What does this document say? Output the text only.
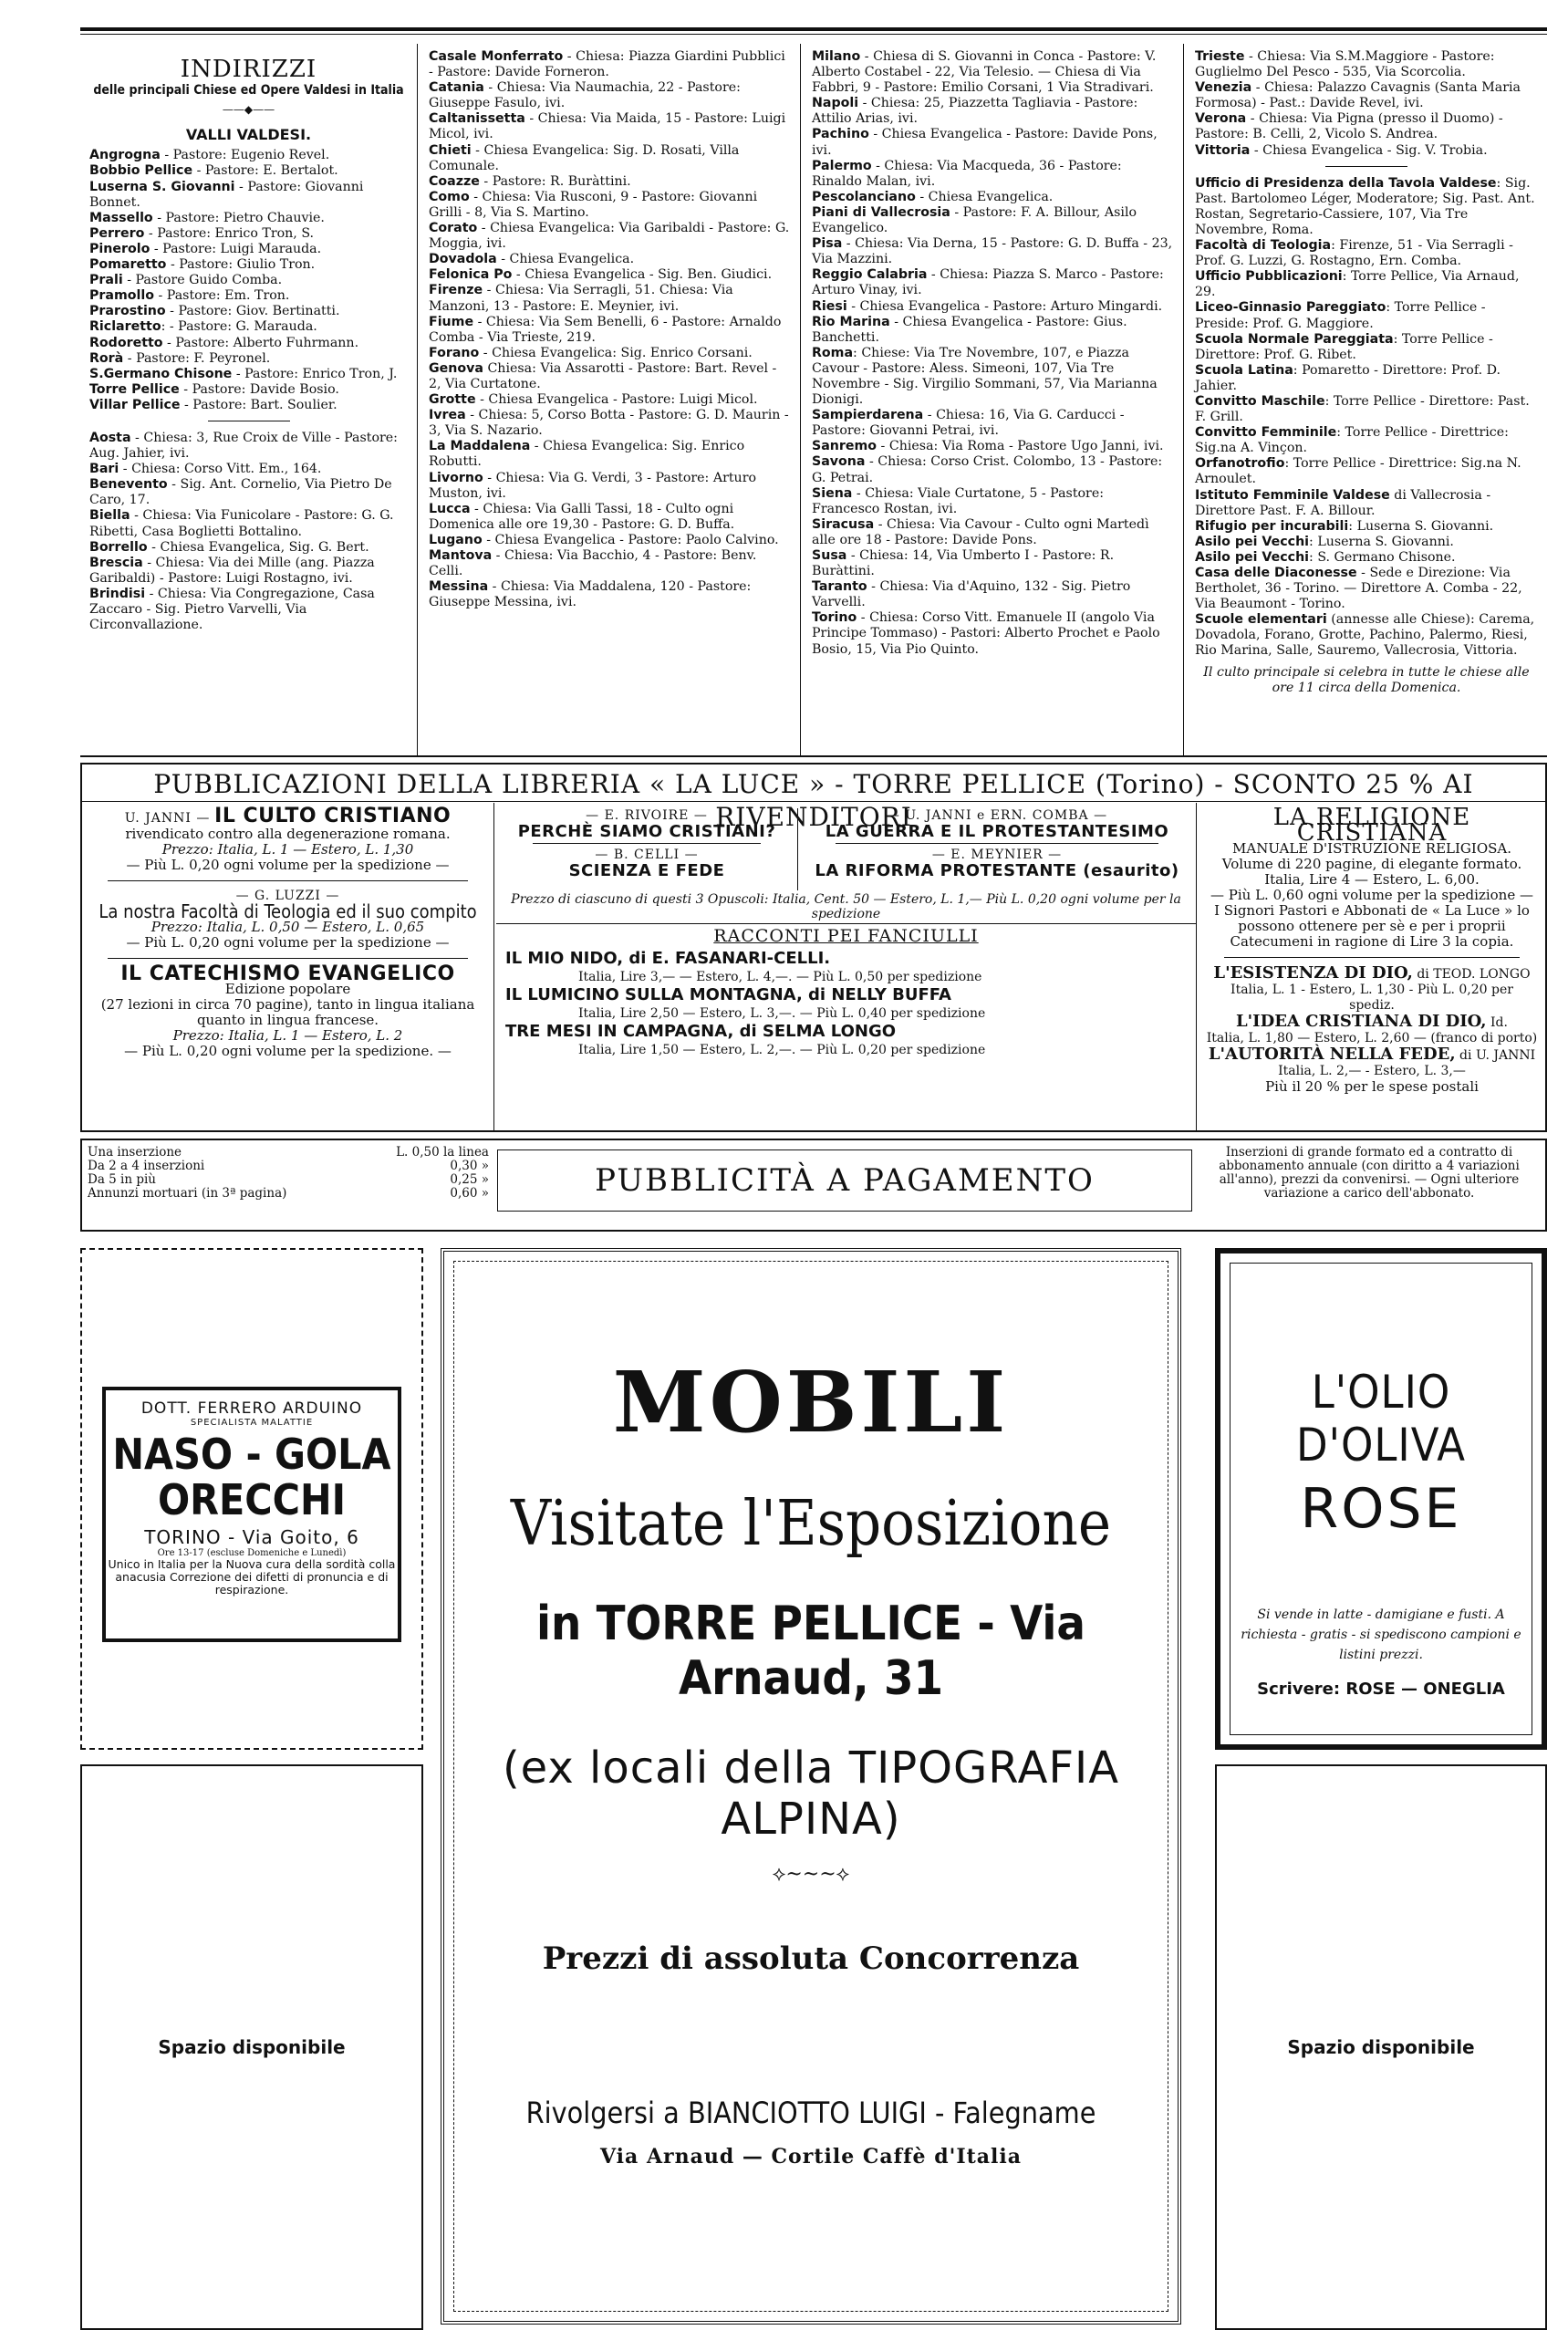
INDIRIZZI
delle principali Chiese ed Opere Valdesi in Italia
——◆——
VALLI VALDESI.

Angrogna - Pastore: Eugenio Revel.

Bobbio Pellice - Pastore: E. Bertalot.

Luserna S. Giovanni - Pastore: Giovanni Bonnet.

Massello - Pastore: Pietro Chauvie.

Perrero - Pastore: Enrico Tron, S.

Pinerolo - Pastore: Luigi Marauda.

Pomaretto - Pastore: Giulio Tron.

Prali - Pastore Guido Comba.

Pramollo - Pastore: Em. Tron.

Prarostino - Pastore: Giov. Bertinatti.

Riclaretto: - Pastore: G. Marauda.

Rodoretto - Pastore: Alberto Fuhrmann.

Rorà - Pastore: F. Peyronel.

S.Germano Chisone - Pastore: Enrico Tron, J.

Torre Pellice - Pastore: Davide Bosio.

Villar Pellice - Pastore: Bart. Soulier.

Aosta - Chiesa: 3, Rue Croix de Ville - Pastore: Aug. Jahier, ivi.

Bari - Chiesa: Corso Vitt. Em., 164.

Benevento - Sig. Ant. Cornelio, Via Pietro De Caro, 17.

Biella - Chiesa: Via Funicolare - Pastore: G. G. Ribetti, Casa Boglietti Bottalino.

Borrello - Chiesa Evangelica, Sig. G. Bert.

Brescia - Chiesa: Via dei Mille (ang. Piazza Garibaldi) - Pastore: Luigi Rostagno, ivi.

Brindisi - Chiesa: Via Congregazione, Casa Zaccaro - Sig. Pietro Varvelli, Via Circonvallazione.

Casale Monferrato - Chiesa: Piazza Giardini Pubblici - Pastore: Davide Forneron.

Catania - Chiesa: Via Naumachia, 22 - Pastore: Giuseppe Fasulo, ivi.

Caltanissetta - Chiesa: Via Maida, 15 - Pastore: Luigi Micol, ivi.

Chieti - Chiesa Evangelica: Sig. D. Rosati, Villa Comunale.

Coazze - Pastore: R. Buràttini.

Como - Chiesa: Via Rusconi, 9 - Pastore: Giovanni Grilli - 8, Via S. Martino.

Corato - Chiesa Evangelica: Via Garibaldi - Pastore: G. Moggia, ivi.

Dovadola - Chiesa Evangelica.

Felonica Po - Chiesa Evangelica - Sig. Ben. Giudici.

Firenze - Chiesa: Via Serragli, 51. Chiesa: Via Manzoni, 13 - Pastore: E. Meynier, ivi.

Fiume - Chiesa: Via Sem Benelli, 6 - Pastore: Arnaldo Comba - Via Trieste, 219.

Forano - Chiesa Evangelica: Sig. Enrico Corsani.

Genova Chiesa: Via Assarotti - Pastore: Bart. Revel - 2, Via Curtatone.

Grotte - Chiesa Evangelica - Pastore: Luigi Micol.

Ivrea - Chiesa: 5, Corso Botta - Pastore: G. D. Maurin - 3, Via S. Nazario.

La Maddalena - Chiesa Evangelica: Sig. Enrico Robutti.

Livorno - Chiesa: Via G. Verdi, 3 - Pastore: Arturo Muston, ivi.

Lucca - Chiesa: Via Galli Tassi, 18 - Culto ogni Domenica alle ore 19,30 - Pastore: G. D. Buffa.

Lugano - Chiesa Evangelica - Pastore: Paolo Calvino.

Mantova - Chiesa: Via Bacchio, 4 - Pastore: Benv. Celli.

Messina - Chiesa: Via Maddalena, 120 - Pastore: Giuseppe Messina, ivi.

Milano - Chiesa di S. Giovanni in Conca - Pastore: V. Alberto Costabel - 22, Via Telesio. — Chiesa di Via Fabbri, 9 - Pastore: Emilio Corsani, 1 Via Stradivari.

Napoli - Chiesa: 25, Piazzetta Tagliavia - Pastore: Attilio Arias, ivi.

Pachino - Chiesa Evangelica - Pastore: Davide Pons, ivi.

Palermo - Chiesa: Via Macqueda, 36 - Pastore: Rinaldo Malan, ivi.

Pescolanciano - Chiesa Evangelica.

Piani di Vallecrosia - Pastore: F. A. Billour, Asilo Evangelico.

Pisa - Chiesa: Via Derna, 15 - Pastore: G. D. Buffa - 23, Via Mazzini.

Reggio Calabria - Chiesa: Piazza S. Marco - Pastore: Arturo Vinay, ivi.

Riesi - Chiesa Evangelica - Pastore: Arturo Mingardi.

Rio Marina - Chiesa Evangelica - Pastore: Gius. Banchetti.

Roma: Chiese: Via Tre Novembre, 107, e Piazza Cavour - Pastore: Aless. Simeoni, 107, Via Tre Novembre - Sig. Virgilio Sommani, 57, Via Marianna Dionigi.

Sampierdarena - Chiesa: 16, Via G. Carducci - Pastore: Giovanni Petrai, ivi.

Sanremo - Chiesa: Via Roma - Pastore Ugo Janni, ivi.

Savona - Chiesa: Corso Crist. Colombo, 13 - Pastore: G. Petrai.

Siena - Chiesa: Viale Curtatone, 5 - Pastore: Francesco Rostan, ivi.

Siracusa - Chiesa: Via Cavour - Culto ogni Martedì alle ore 18 - Pastore: Davide Pons.

Susa - Chiesa: 14, Via Umberto I - Pastore: R. Buràttini.

Taranto - Chiesa: Via d'Aquino, 132 - Sig. Pietro Varvelli.

Torino - Chiesa: Corso Vitt. Emanuele II (angolo Via Principe Tommaso) - Pastori: Alberto Prochet e Paolo Bosio, 15, Via Pio Quinto.

Trieste - Chiesa: Via S.M.Maggiore - Pastore: Guglielmo Del Pesco - 535, Via Scorcolia.

Venezia - Chiesa: Palazzo Cavagnis (Santa Maria Formosa) - Past.: Davide Revel, ivi.

Verona - Chiesa: Via Pigna (presso il Duomo) - Pastore: B. Celli, 2, Vicolo S. Andrea.

Vittoria - Chiesa Evangelica - Sig. V. Trobia.

Ufficio di Presidenza della Tavola Valdese: Sig. Past. Bartolomeo Léger, Moderatore; Sig. Past. Ant. Rostan, Segretario-Cassiere, 107, Via Tre Novembre, Roma.

Facoltà di Teologia: Firenze, 51 - Via Serragli - Prof. G. Luzzi, G. Rostagno, Ern. Comba.

Ufficio Pubblicazioni: Torre Pellice, Via Arnaud, 29.

Liceo-Ginnasio Pareggiato: Torre Pellice - Preside: Prof. G. Maggiore.

Scuola Normale Pareggiata: Torre Pellice - Direttore: Prof. G. Ribet.

Scuola Latina: Pomaretto - Direttore: Prof. D. Jahier.

Convitto Maschile: Torre Pellice - Direttore: Past. F. Grill.

Convitto Femminile: Torre Pellice - Direttrice: Sig.na A. Vinçon.

Orfanotrofio: Torre Pellice - Direttrice: Sig.na N. Arnoulet.

Istituto Femminile Valdese di Vallecrosia - Direttore Past. F. A. Billour.

Rifugio per incurabili: Luserna S. Giovanni.

Asilo pei Vecchi: Luserna S. Giovanni.

Asilo pei Vecchi: S. Germano Chisone.

Casa delle Diaconesse - Sede e Direzione: Via Bertholet, 36 - Torino. — Direttore A. Comba - 22, Via Beaumont - Torino.

Scuole elementari (annesse alle Chiese): Carema, Dovadola, Forano, Grotte, Pachino, Palermo, Riesi, Rio Marina, Salle, Sauremo, Vallecrosia, Vittoria.

Il culto principale si celebra in tutte le chiese alle ore 11 circa della Domenica.
PUBBLICAZIONI DELLA LIBRERIA « LA LUCE » - TORRE PELLICE (Torino) - SCONTO 25 % AI RIVENDITORI
U. JANNI — IL CULTO CRISTIANO
rivendicato contro alla degenerazione romana.
Prezzo: Italia, L. 1 — Estero, L. 1,30
— Più L. 0,20 ogni volume per la spedizione —
— G. LUZZI —
La nostra Facoltà di Teologia ed il suo compito
Prezzo: Italia, L. 0,50 — Estero, L. 0,65
— Più L. 0,20 ogni volume per la spedizione —
IL CATECHISMO EVANGELICO
Edizione popolare
(27 lezioni in circa 70 pagine), tanto in lingua italiana quanto in lingua francese.
Prezzo: Italia, L. 1 — Estero, L. 2
— Più L. 0,20 ogni volume per la spedizione. —
— E. RIVOIRE —
PERCHÈ SIAMO CRISTIANI?
— B. CELLI —
SCIENZA E FEDE
— U. JANNI e ERN. COMBA —
LA GUERRA E IL PROTESTANTESIMO
— E. MEYNIER —
LA RIFORMA PROTESTANTE (esaurito)
Prezzo di ciascuno di questi 3 Opuscoli: Italia, Cent. 50 — Estero, L. 1,— Più L. 0,20 ogni volume per la spedizione
RACCONTI PEI FANCIULLI
IL MIO NIDO, di E. FASANARI-CELLI.
Italia, Lire 3,— — Estero, L. 4,—. — Più L. 0,50 per spedizione
IL LUMICINO SULLA MONTAGNA, di NELLY BUFFA
Italia, Lire 2,50 — Estero, L. 3,—. — Più L. 0,40 per spedizione
TRE MESI IN CAMPAGNA, di SELMA LONGO
Italia, Lire 1,50 — Estero, L. 2,—. — Più L. 0,20 per spedizione
LA RELIGIONE CRISTIANA
MANUALE D'ISTRUZIONE RELIGIOSA.
Volume di 220 pagine, di elegante formato.
Italia, Lire 4 — Estero, L. 6,00.
— Più L. 0,60 ogni volume per la spedizione —
I Signori Pastori e Abbonati de « La Luce » lo possono ottenere per sè e per i proprii Catecumeni in ragione di Lire 3 la copia.
L'ESISTENZA DI DIO, di TEOD. LONGO
Italia, L. 1 - Estero, L. 1,30 - Più L. 0,20 per spediz.
L'IDEA CRISTIANA DI DIO, Id.
Italia, L. 1,80 — Estero, L. 2,60 — (franco di porto)
L'AUTORITÀ NELLA FEDE, di U. JANNI
Italia, L. 2,— - Estero, L. 3,—
Più il 20 % per le spese postali
Una inserzione	L. 0,50 la linea
Da 2 a 4 inserzioni	0,30 »
Da 5 in più	0,25 »
Annunzi mortuari (in 3ª pagina)	0,60 »	PUBBLICITÀ A PAGAMENTO
Inserzioni di grande formato ed a contratto di abbonamento annuale (con diritto a 4 variazioni all'anno), prezzi da convenirsi. — Ogni ulteriore variazione a carico dell'abbonato.
DOTT. FERRERO ARDUINO
SPECIALISTA MALATTIE
NASO - GOLA ORECCHI
TORINO - Via Goito, 6
Ore 13-17 (escluse Domeniche e Lunedì)
Unico in Italia per la Nuova cura della sordità colla anacusia Correzione dei difetti di pronuncia e di respirazione.
MOBILI
Visitate l'Esposizione
in TORRE PELLICE - Via Arnaud, 31
(ex locali della TIPOGRAFIA ALPINA)
⟡~~~⟡
Prezzi di assoluta Concorrenza
Rivolgersi a BIANCIOTTO LUIGI - Falegname
Via Arnaud — Cortile Caffè d'Italia
L'OLIO D'OLIVA
ROSE
Si vende in latte - damigiane e fusti. A richiesta - gratis - si spediscono campioni e listini prezzi.
Scrivere: ROSE — ONEGLIA
Spazio disponibile	Spazio disponibile
